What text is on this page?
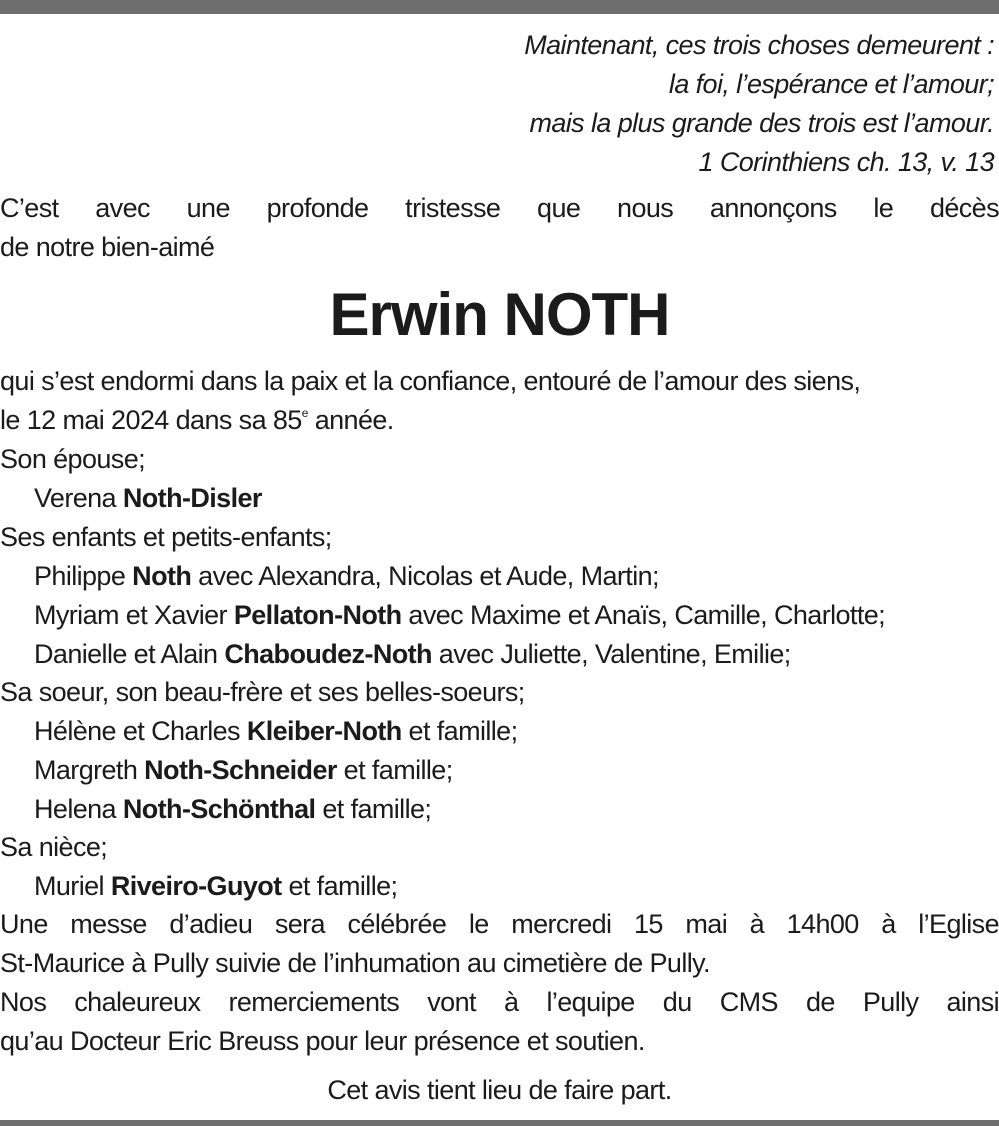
Maintenant, ces trois choses demeurent :
la foi, l’espérance et l’amour;
mais la plus grande des trois est l’amour.
1 Corinthiens ch. 13, v. 13
C’est avec une profonde tristesse que nous annonçons le décès
de notre bien-aimé
Erwin NOTH
qui s’est endormi dans la paix et la confiance, entouré de l’amour des siens,
le 12 mai 2024 dans sa 85e année.
Son épouse;
Verena Noth-Disler
Ses enfants et petits-enfants;
Philippe Noth avec Alexandra, Nicolas et Aude, Martin;
Myriam et Xavier Pellaton-Noth avec Maxime et Anaïs, Camille, Charlotte;
Danielle et Alain Chaboudez-Noth avec Juliette, Valentine, Emilie;
Sa soeur, son beau-frère et ses belles-soeurs;
Hélène et Charles Kleiber-Noth et famille;
Margreth Noth-Schneider et famille;
Helena Noth-Schönthal et famille;
Sa nièce;
Muriel Riveiro-Guyot et famille;
Une messe d’adieu sera célébrée le mercredi 15 mai à 14h00 à l’Eglise
St-Maurice à Pully suivie de l’inhumation au cimetière de Pully.
Nos chaleureux remerciements vont à l’equipe du CMS de Pully ainsi
qu’au Docteur Eric Breuss pour leur présence et soutien.
Cet avis tient lieu de faire part.
